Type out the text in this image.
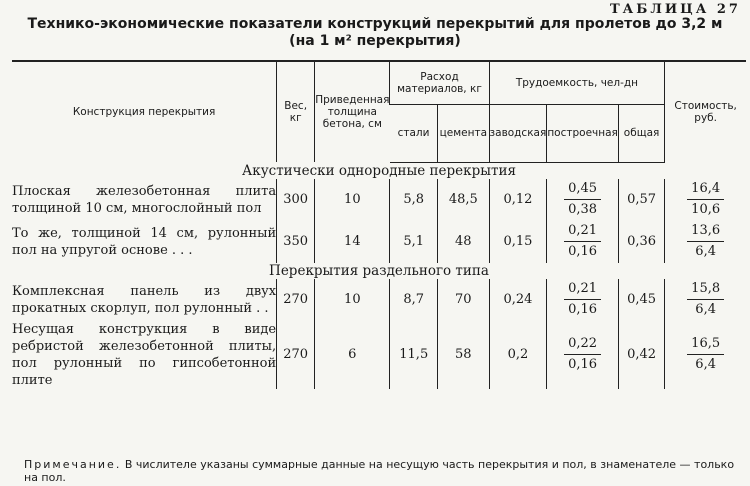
ТАБЛИЦА 27
Технико-экономические показатели конструкций перекрытий для пролетов до 3,2 м
(на 1 м² перекрытия)
Конструкция перекрытия	Вес, кг	Приведенная толщина бетона, см	Расход материалов, кг		Трудоемкость, чел-дн			Стоимость, руб.
			стали	цемента	заводская	построечная	общая	
Акустически однородные перекрытия								
Плоская железобетонная плита толщиной 10 см, многослойный пол	300	10	5,8	48,5	0,12	$\frac{0,45}{0,38}$	0,57	$\frac{16,4}{10,6}$

То же, толщиной 14 см, рулонный пол на упругой основе . . .	350	14	5,1	48	0,15	$\frac{0,21}{0,16}$	0,36	$\frac{13,6}{6,4}$

Перекрытия раздельного типа								
Комплексная панель из двух прокатных скорлуп, пол рулонный . .	270	10	8,7	70	0,24	$\frac{0,21}{0,16}$	0,45	$\frac{15,8}{6,4}$

Несущая конструкция в виде ребристой железобетонной плиты, пол рулонный по гипсобетонной плите	270	6	11,5	58	0,2	$\frac{0,22}{0,16}$	0,42	$\frac{16,5}{6,4}$
Примечание. В числителе указаны суммарные данные на несущую часть перекрытия и пол, в знаменателе — только на пол.
